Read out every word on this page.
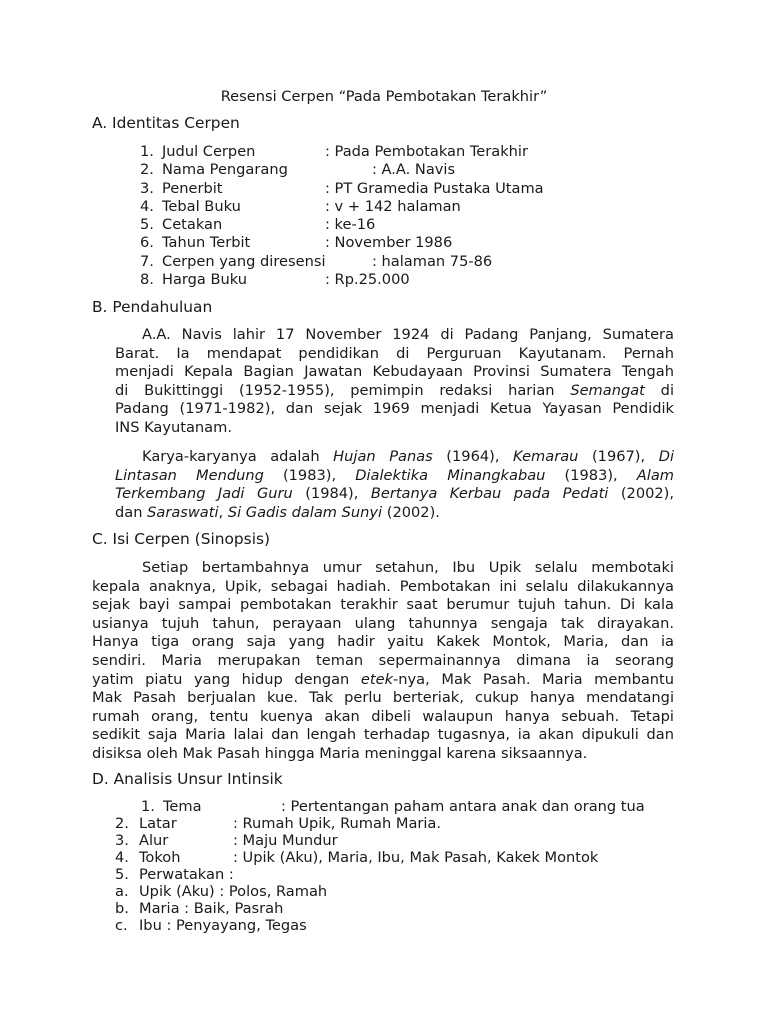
Resensi Cerpen “Pada Pembotakan Terakhir”
A. Identitas Cerpen
1. Judul Cerpen	: Pada Pembotakan Terakhir
2. Nama Pengarang	: A.A. Navis
3. Penerbit	: PT Gramedia Pustaka Utama
4. Tebal Buku	: v + 142 halaman
5. Cetakan	: ke-16
6. Tahun Terbit	: November 1986
7. Cerpen yang diresensi	: halaman 75-86
8. Harga Buku	: Rp.25.000
B. Pendahuluan
A.A. Navis lahir 17 November 1924 di Padang Panjang, Sumatera
Barat. Ia mendapat pendidikan di Perguruan Kayutanam. Pernah
menjadi Kepala Bagian Jawatan Kebudayaan Provinsi Sumatera Tengah
di Bukittinggi (1952-1955), pemimpin redaksi harian Semangat di
Padang (1971-1982), dan sejak 1969 menjadi Ketua Yayasan Pendidik
INS Kayutanam.
Karya-karyanya adalah Hujan Panas (1964), Kemarau (1967), Di
Lintasan Mendung (1983), Dialektika Minangkabau (1983), Alam
Terkembang Jadi Guru (1984), Bertanya Kerbau pada Pedati (2002),
dan Saraswati, Si Gadis dalam Sunyi (2002).
C. Isi Cerpen (Sinopsis)
Setiap bertambahnya umur setahun, Ibu Upik selalu membotaki
kepala anaknya, Upik, sebagai hadiah. Pembotakan ini selalu dilakukannya
sejak bayi sampai pembotakan terakhir saat berumur tujuh tahun. Di kala
usianya tujuh tahun, perayaan ulang tahunnya sengaja tak dirayakan.
Hanya tiga orang saja yang hadir yaitu Kakek Montok, Maria, dan ia
sendiri. Maria merupakan teman sepermainannya dimana ia seorang
yatim piatu yang hidup dengan etek-nya, Mak Pasah. Maria membantu
Mak Pasah berjualan kue. Tak perlu berteriak, cukup hanya mendatangi
rumah orang, tentu kuenya akan dibeli walaupun hanya sebuah. Tetapi
sedikit saja Maria lalai dan lengah terhadap tugasnya, ia akan dipukuli dan
disiksa oleh Mak Pasah hingga Maria meninggal karena siksaannya.
D. Analisis Unsur Intinsik
1. Tema	: Pertentangan paham antara anak dan orang tua
2. Latar	: Rumah Upik, Rumah Maria.
3. Alur	: Maju Mundur
4. Tokoh	: Upik (Aku), Maria, Ibu, Mak Pasah, Kakek Montok
5. Perwatakan :
a. Upik (Aku) : Polos, Ramah
b. Maria : Baik, Pasrah
c. Ibu : Penyayang, Tegas
